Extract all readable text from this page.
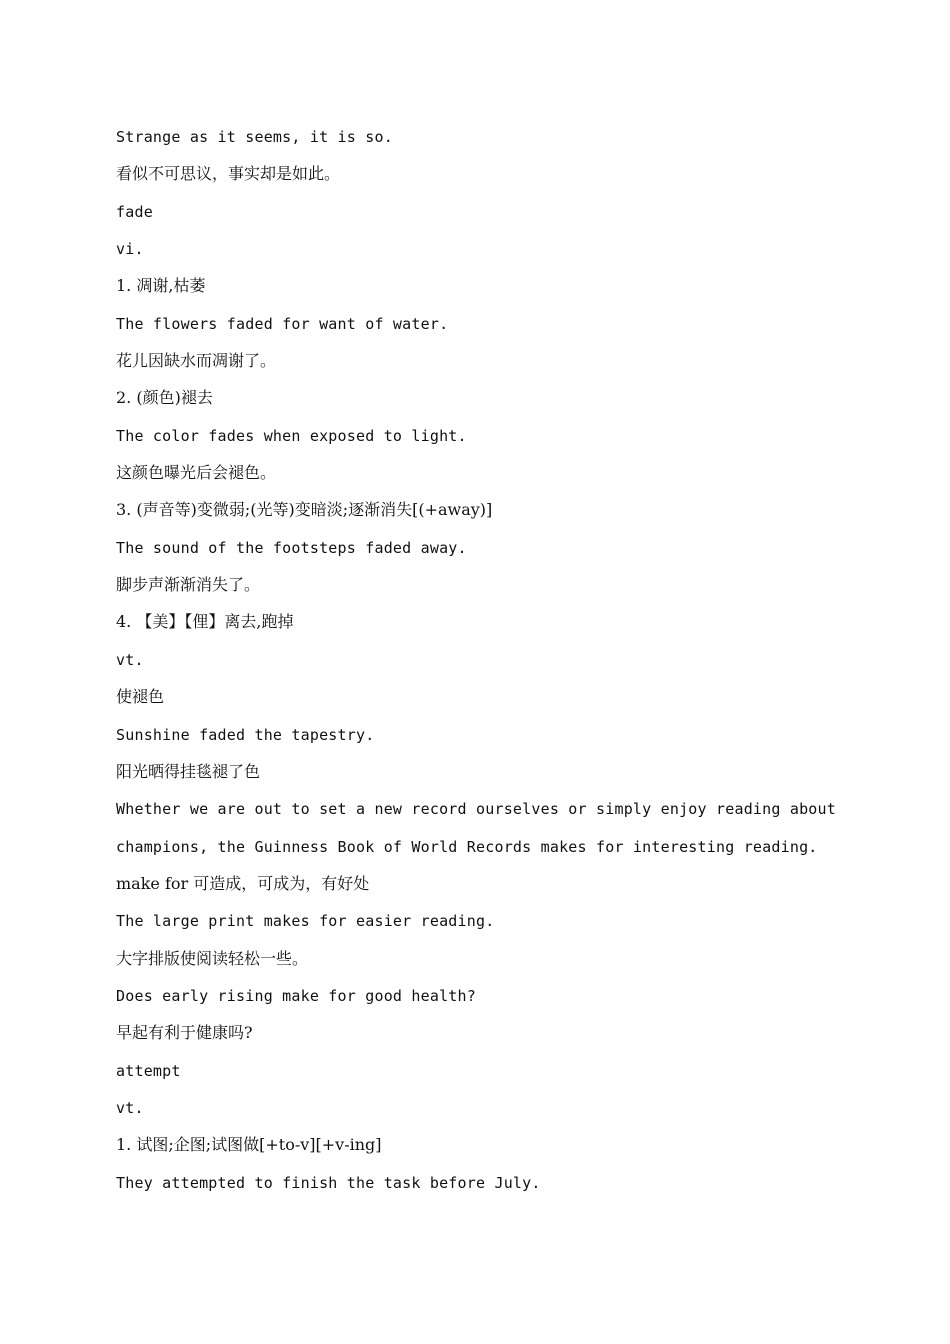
Strange as it seems, it is so.
看似不可思议，事实却是如此。
fade
vi.
1. 凋谢,枯萎
The flowers faded for want of water.
花儿因缺水而凋谢了。
2. (颜色)褪去
The color fades when exposed to light.
这颜色曝光后会褪色。
3. (声音等)变微弱;(光等)变暗淡;逐渐消失[(+away)]
The sound of the footsteps faded away.
脚步声渐渐消失了。
4. 【美】【俚】离去,跑掉
vt.
使褪色
Sunshine faded the tapestry.
阳光晒得挂毯褪了色
Whether we are out to set a new record ourselves or simply enjoy reading about
champions, the Guinness Book of World Records makes for interesting reading.
make for 可造成，可成为，有好处
The large print makes for easier reading.
大字排版使阅读轻松一些。
Does early rising make for good health?
早起有利于健康吗?
attempt
vt.
1. 试图;企图;试图做[+to-v][+v-ing]
They attempted to finish the task before July.
